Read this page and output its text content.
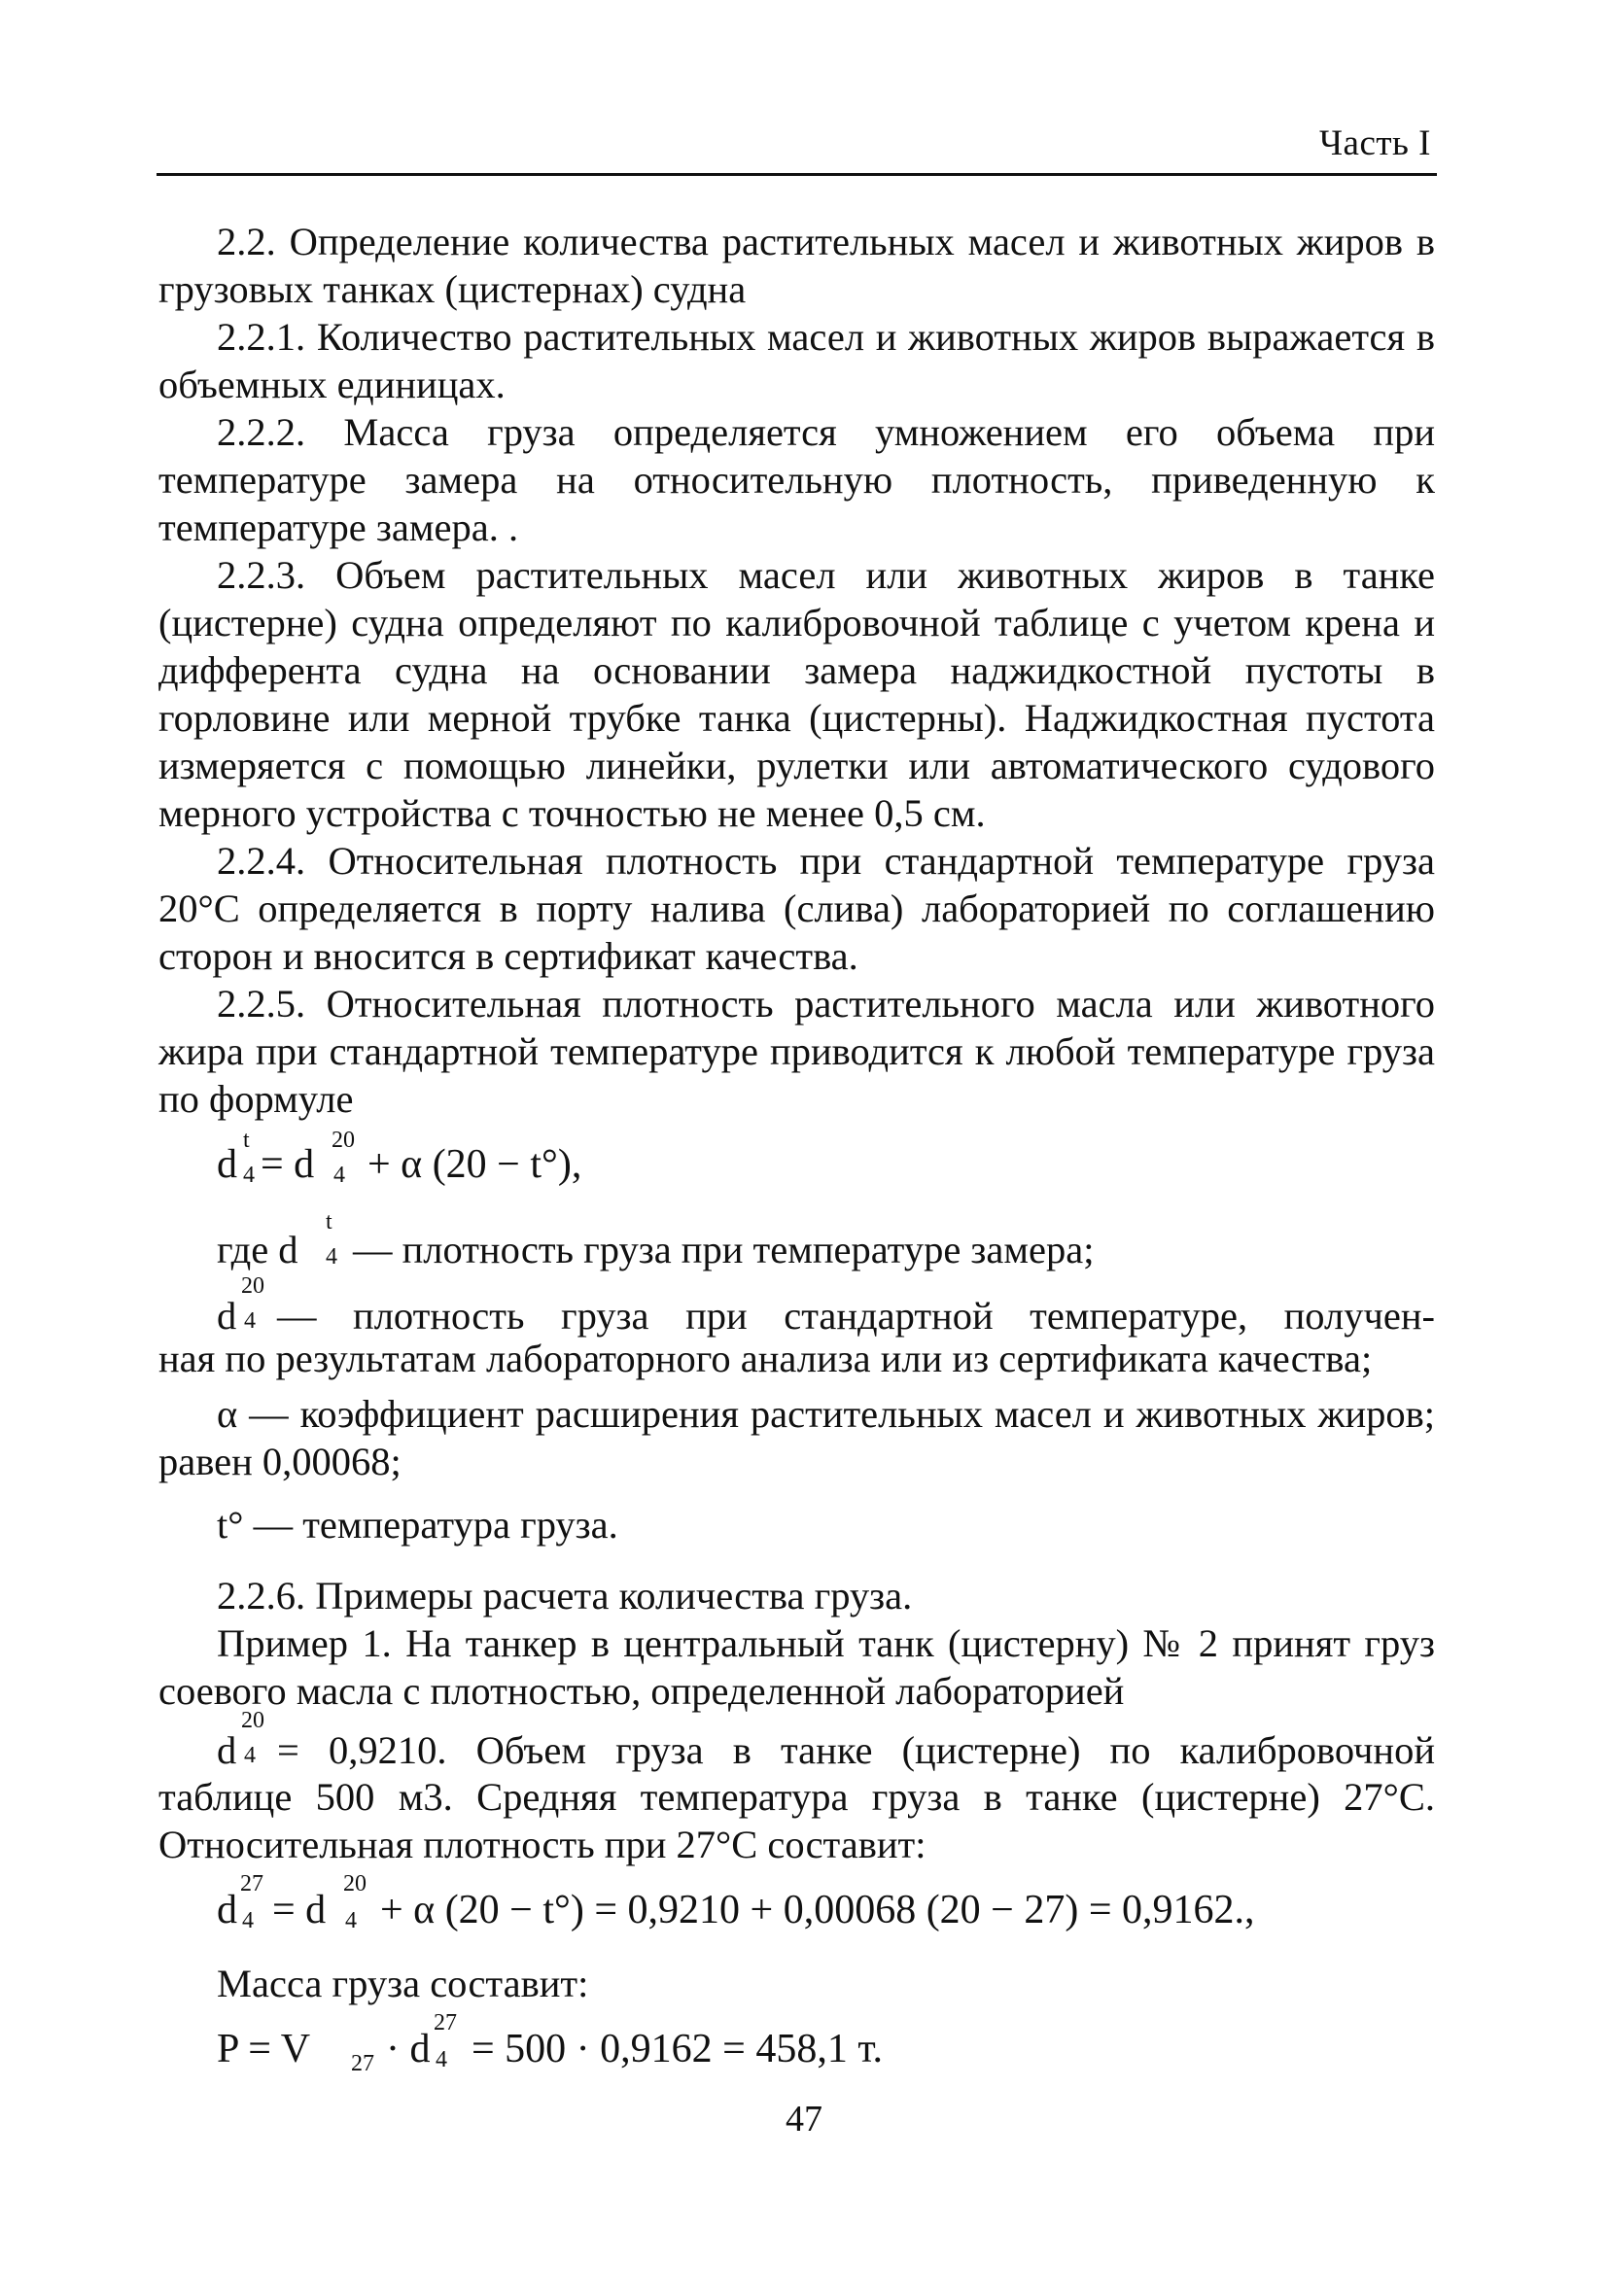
Часть I

2.2. Определение количества растительных масел и животных жиров в грузовых танках (цистернах) судна

2.2.1. Количество растительных масел и животных жиров выражается в объемных единицах.

2.2.2. Масса груза определяется умножением его объема при температуре замера на относительную плотность, приведенную к температуре замера. .

2.2.3. Объем растительных масел или животных жиров в танке (цистерне) судна определяют по калибровочной таблице с учетом крена и дифферента судна на основании замера наджидкостной пустоты в горловине или мерной трубке танка (цистерны). Наджидкостная пустота измеряется с помощью линейки, рулетки или автоматического судового мерного устройства с точностью не менее 0,5 см.

2.2.4. Относительная плотность при стандартной температуре груза 20°С определяется в порту налива (слива) лабораторией по соглашению сторон и вносится в сертификат качества.

2.2.5. Относительная плотность растительного масла или животного жира при стандартной температуре приводится к любой температуре груза по формуле

d
t
4 = d
20
4 + α (20 − t°),
где d
t
4 — плотность груза при температуре замера;
d
20
4 — плотность груза при стандартной температуре, получен-

ная по результатам лабораторного анализа или из сертификата качества;

α — коэффициент расширения растительных масел и животных жиров; равен 0,00068;

t° — температура груза.

2.2.6. Примеры расчета количества груза.

Пример 1. На танкер в центральный танк (цистерну) № 2 принят груз соевого масла с плотностью, определенной лабораторией

d
20
4 = 0,9210. Объем груза в танке (цистерне) по калибровочной

таблице 500 м3. Средняя температура груза в танке (цистерне) 27°С. Относительная плотность при 27°С составит:

d
27
4 = d
20
4 + α (20 − t°) = 0,9210 + 0,00068 (20 − 27) = 0,9162.,

Масса груза составит:

P = V 27 · d
27
4 = 500 · 0,9162 = 458,1 т.
47
